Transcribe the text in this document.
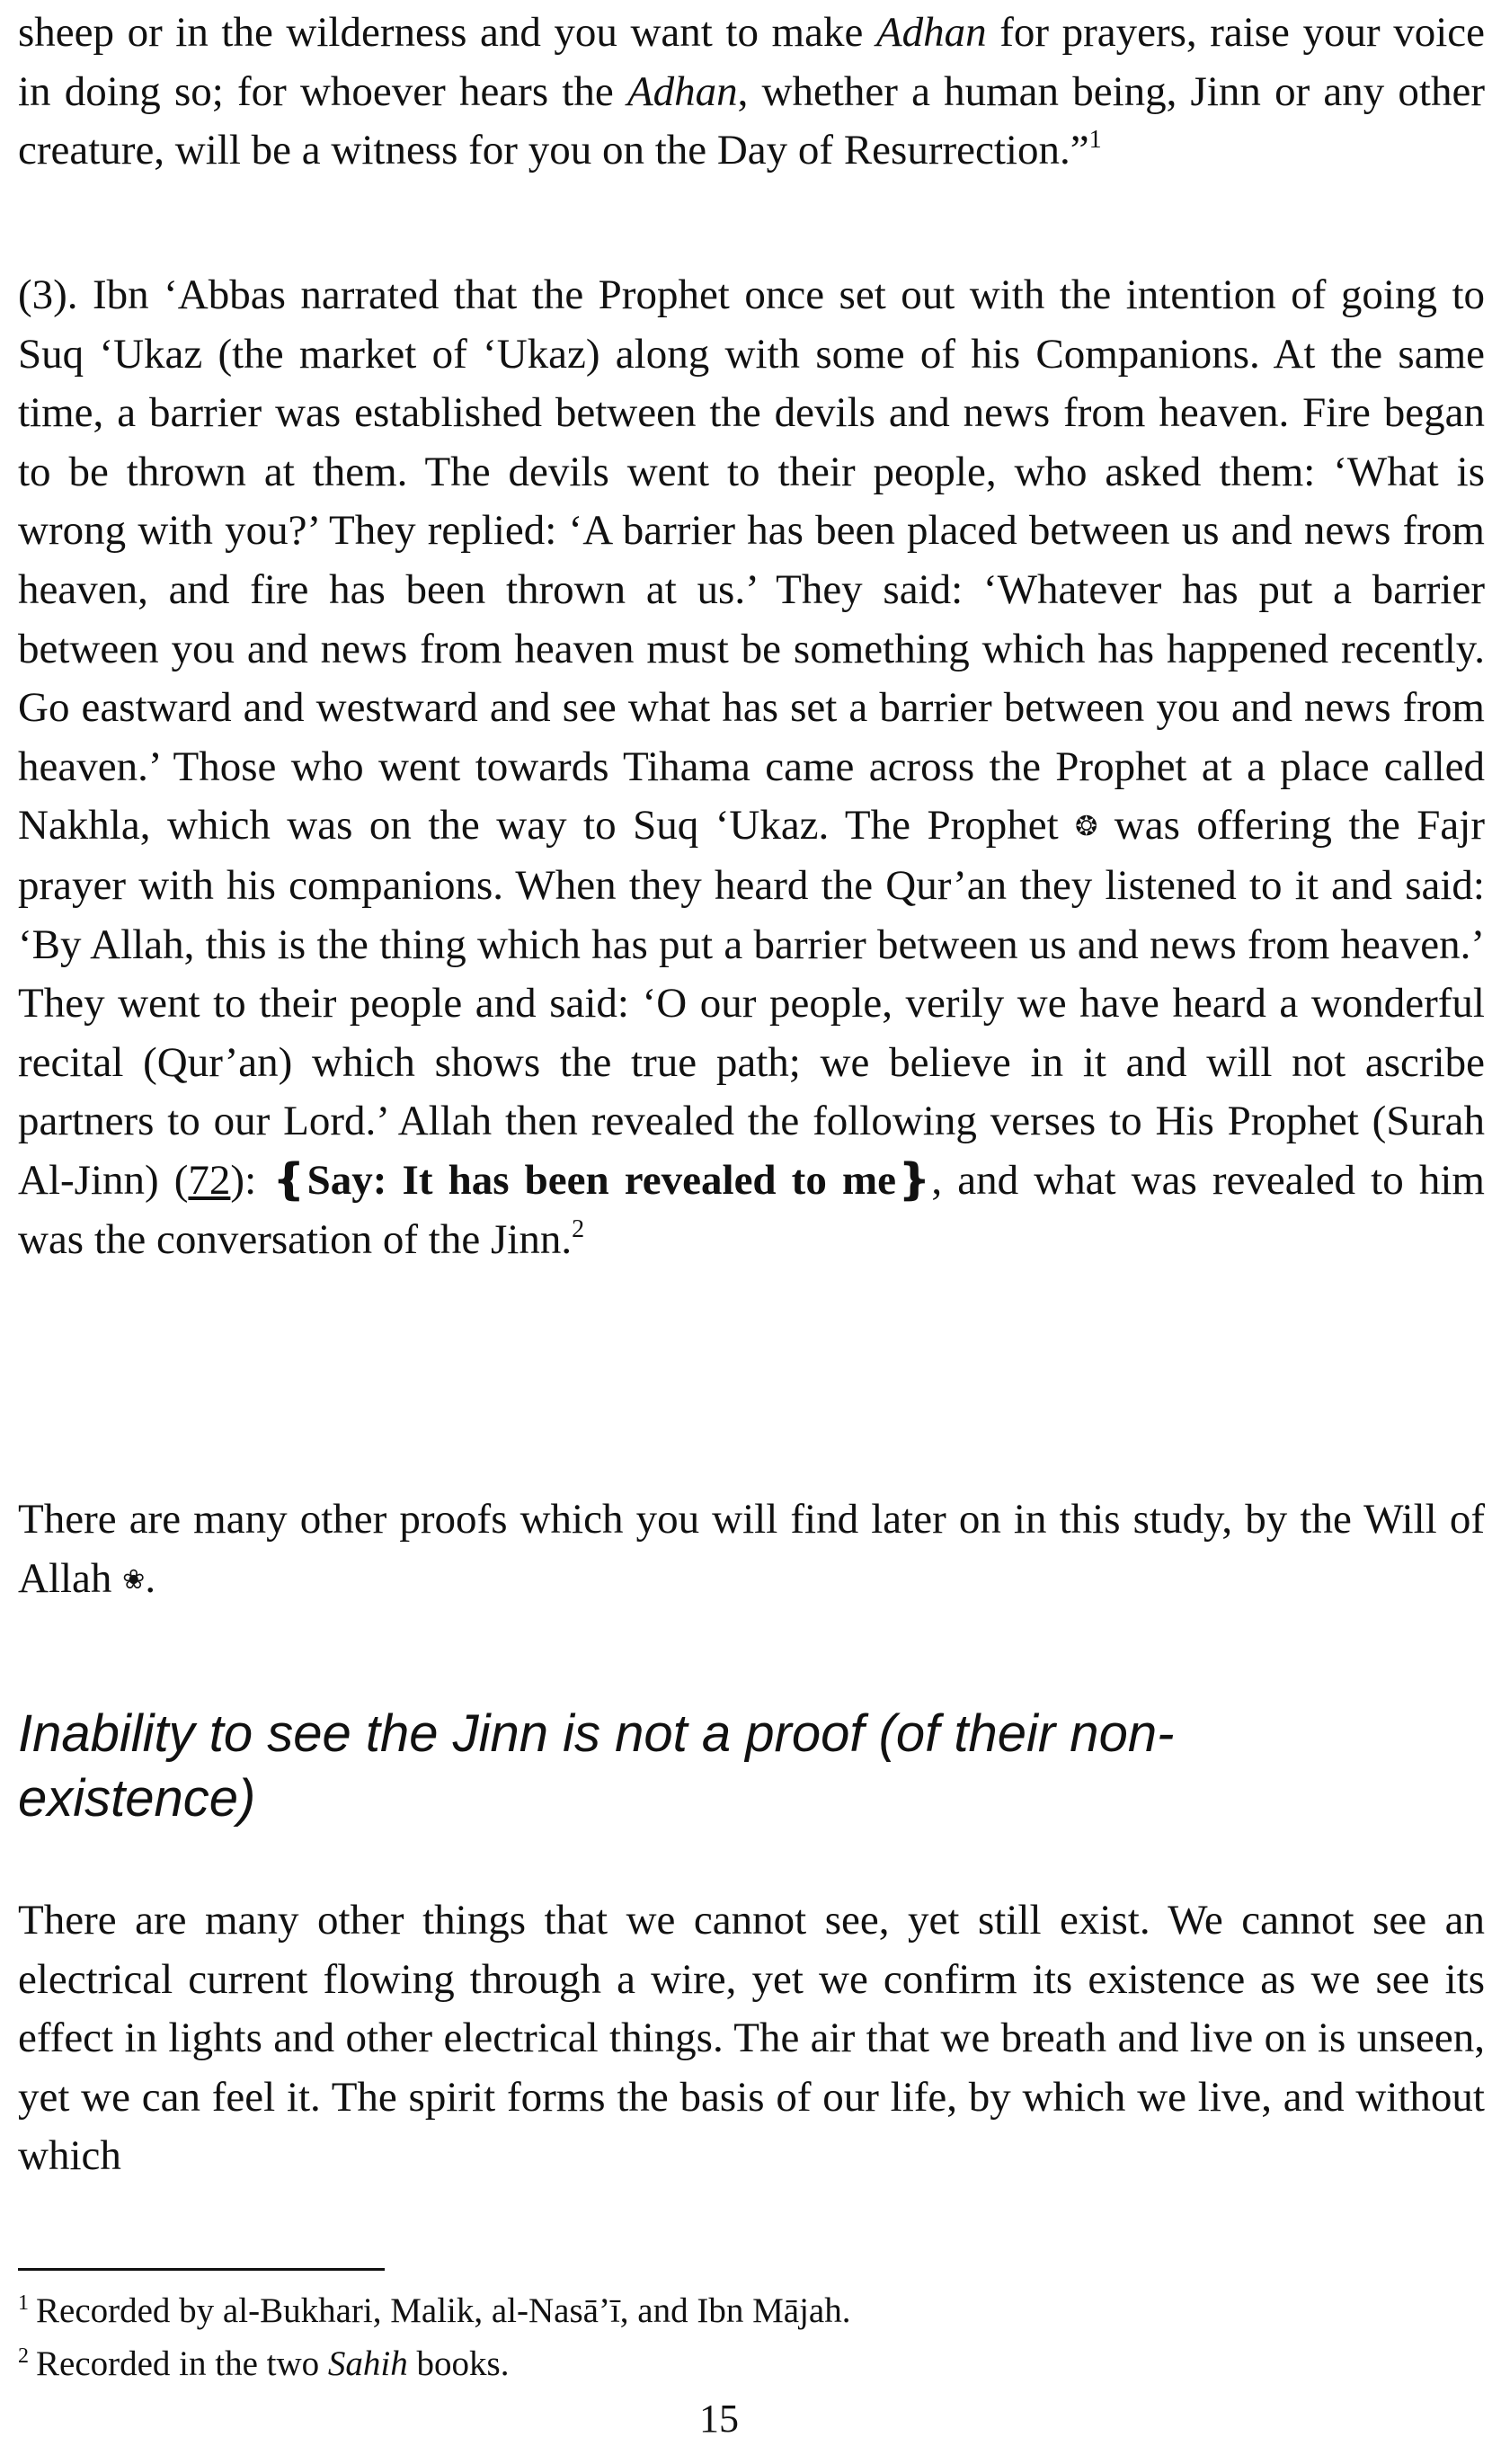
sheep or in the wilderness and you want to make Adhan for prayers, raise your voice in doing so; for whoever hears the Adhan, whether a human being, Jinn or any other creature, will be a witness for you on the Day of Resurrection.”$^1$

(3). Ibn ‘Abbas narrated that the Prophet once set out with the intention of going to Suq ‘Ukaz (the market of ‘Ukaz) along with some of his Companions. At the same time, a barrier was established between the devils and news from heaven. Fire began to be thrown at them. The devils went to their people, who asked them: ‘What is wrong with you?’ They replied: ‘A barrier has been placed between us and news from heaven, and fire has been thrown at us.’ They said: ‘Whatever has put a barrier between you and news from heaven must be something which has happened recently. Go eastward and westward and see what has set a barrier between you and news from heaven.’ Those who went towards Tihama came across the Prophet at a place called Nakhla, which was on the way to Suq ‘Ukaz. The Prophet ❂ was offering the Fajr prayer with his companions. When they heard the Qur’an they listened to it and said: ‘By Allah, this is the thing which has put a barrier between us and news from heaven.’ They went to their people and said: ‘O our people, verily we have heard a wonderful recital (Qur’an) which shows the true path; we believe in it and will not ascribe partners to our Lord.’ Allah then revealed the following verses to His Prophet (Surah Al-Jinn) (72): ❴Say: It has been revealed to me❵, and what was revealed to him was the conversation of the Jinn.$^2$

There are many other proofs which you will find later on in this study, by the Will of Allah ❀.

Inability to see the Jinn is not a proof (of their non-existence)

There are many other things that we cannot see, yet still exist. We cannot see an electrical current flowing through a wire, yet we confirm its existence as we see its effect in lights and other electrical things. The air that we breath and live on is unseen, yet we can feel it. The spirit forms the basis of our life, by which we live, and without which

$^1$ Recorded by al-Bukhari, Malik, al-Nasā’ī, and Ibn Mājah.

$^2$ Recorded in the two Sahih books.

15
